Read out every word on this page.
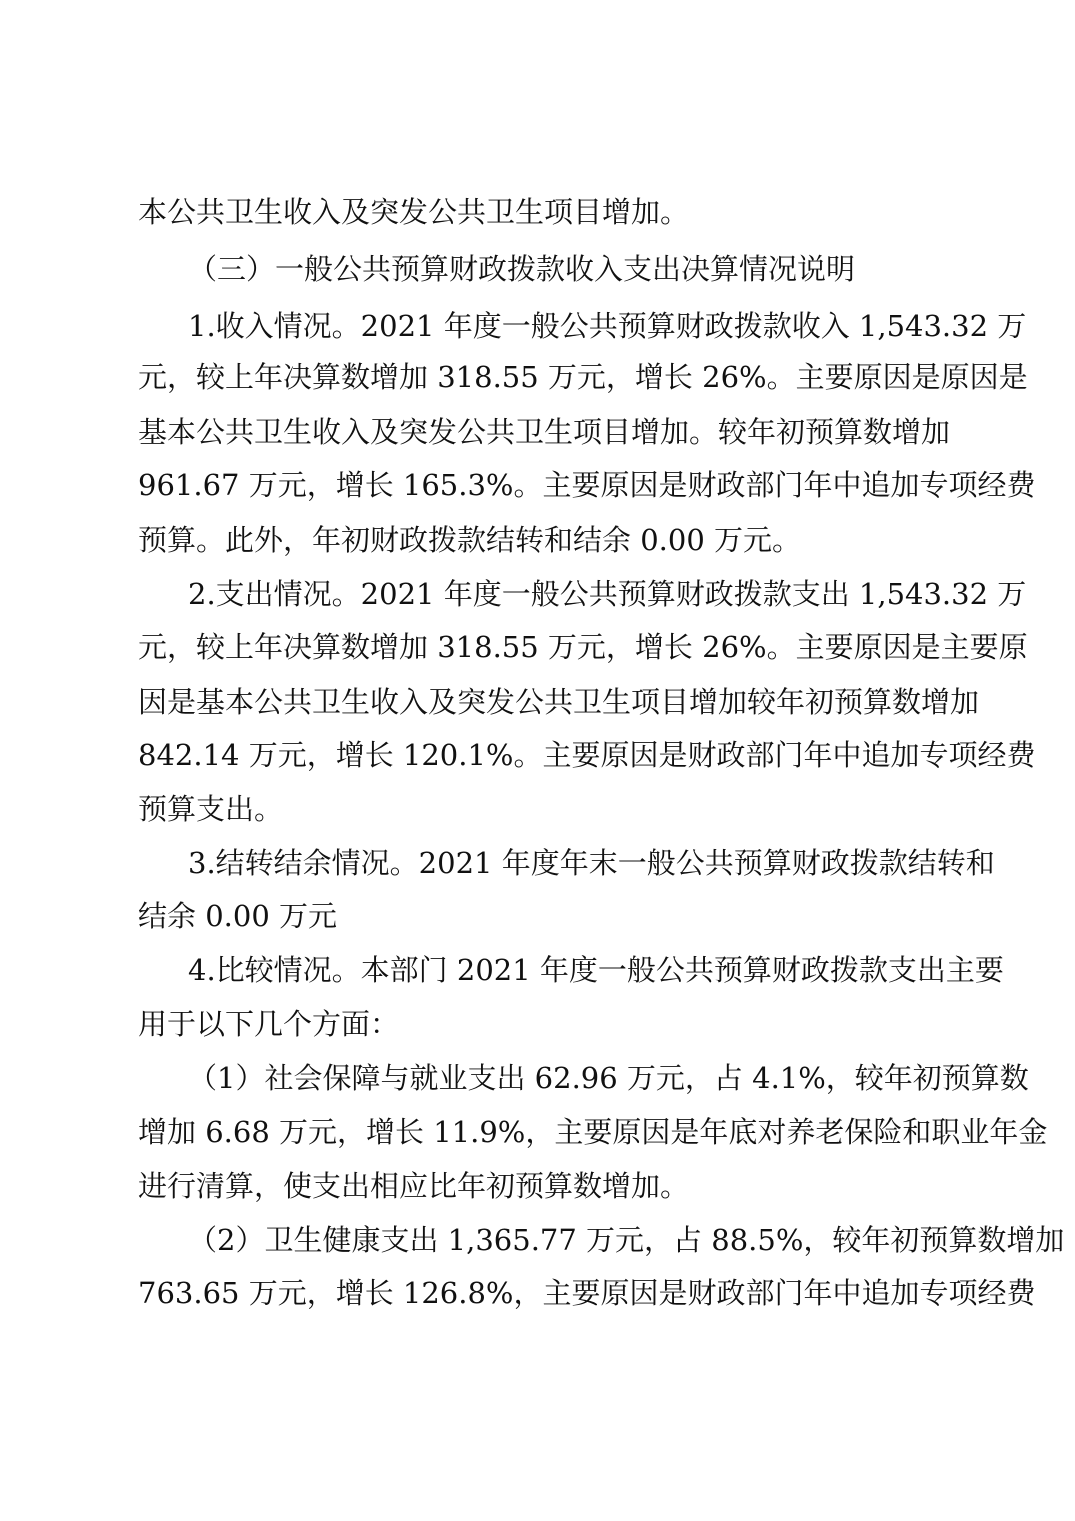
本公共卫生收入及突发公共卫生项目增加。
（三）一般公共预算财政拨款收入支出决算情况说明
1.收入情况。2021 年度一般公共预算财政拨款收入 1,543.32 万
元，较上年决算数增加 318.55 万元，增长 26%。主要原因是原因是
基本公共卫生收入及突发公共卫生项目增加。较年初预算数增加
961.67 万元，增长 165.3%。主要原因是财政部门年中追加专项经费
预算。此外，年初财政拨款结转和结余 0.00 万元。
2.支出情况。2021 年度一般公共预算财政拨款支出 1,543.32 万
元，较上年决算数增加 318.55 万元，增长 26%。主要原因是主要原
因是基本公共卫生收入及突发公共卫生项目增加较年初预算数增加
842.14 万元，增长 120.1%。主要原因是财政部门年中追加专项经费
预算支出。
3.结转结余情况。2021 年度年末一般公共预算财政拨款结转和
结余 0.00 万元
4.比较情况。本部门 2021 年度一般公共预算财政拨款支出主要
用于以下几个方面：
（1）社会保障与就业支出 62.96 万元，占 4.1%，较年初预算数
增加 6.68 万元，增长 11.9%，主要原因是年底对养老保险和职业年金
进行清算，使支出相应比年初预算数增加。
（2）卫生健康支出 1,365.77 万元，占 88.5%，较年初预算数增加
763.65 万元，增长 126.8%，主要原因是财政部门年中追加专项经费
